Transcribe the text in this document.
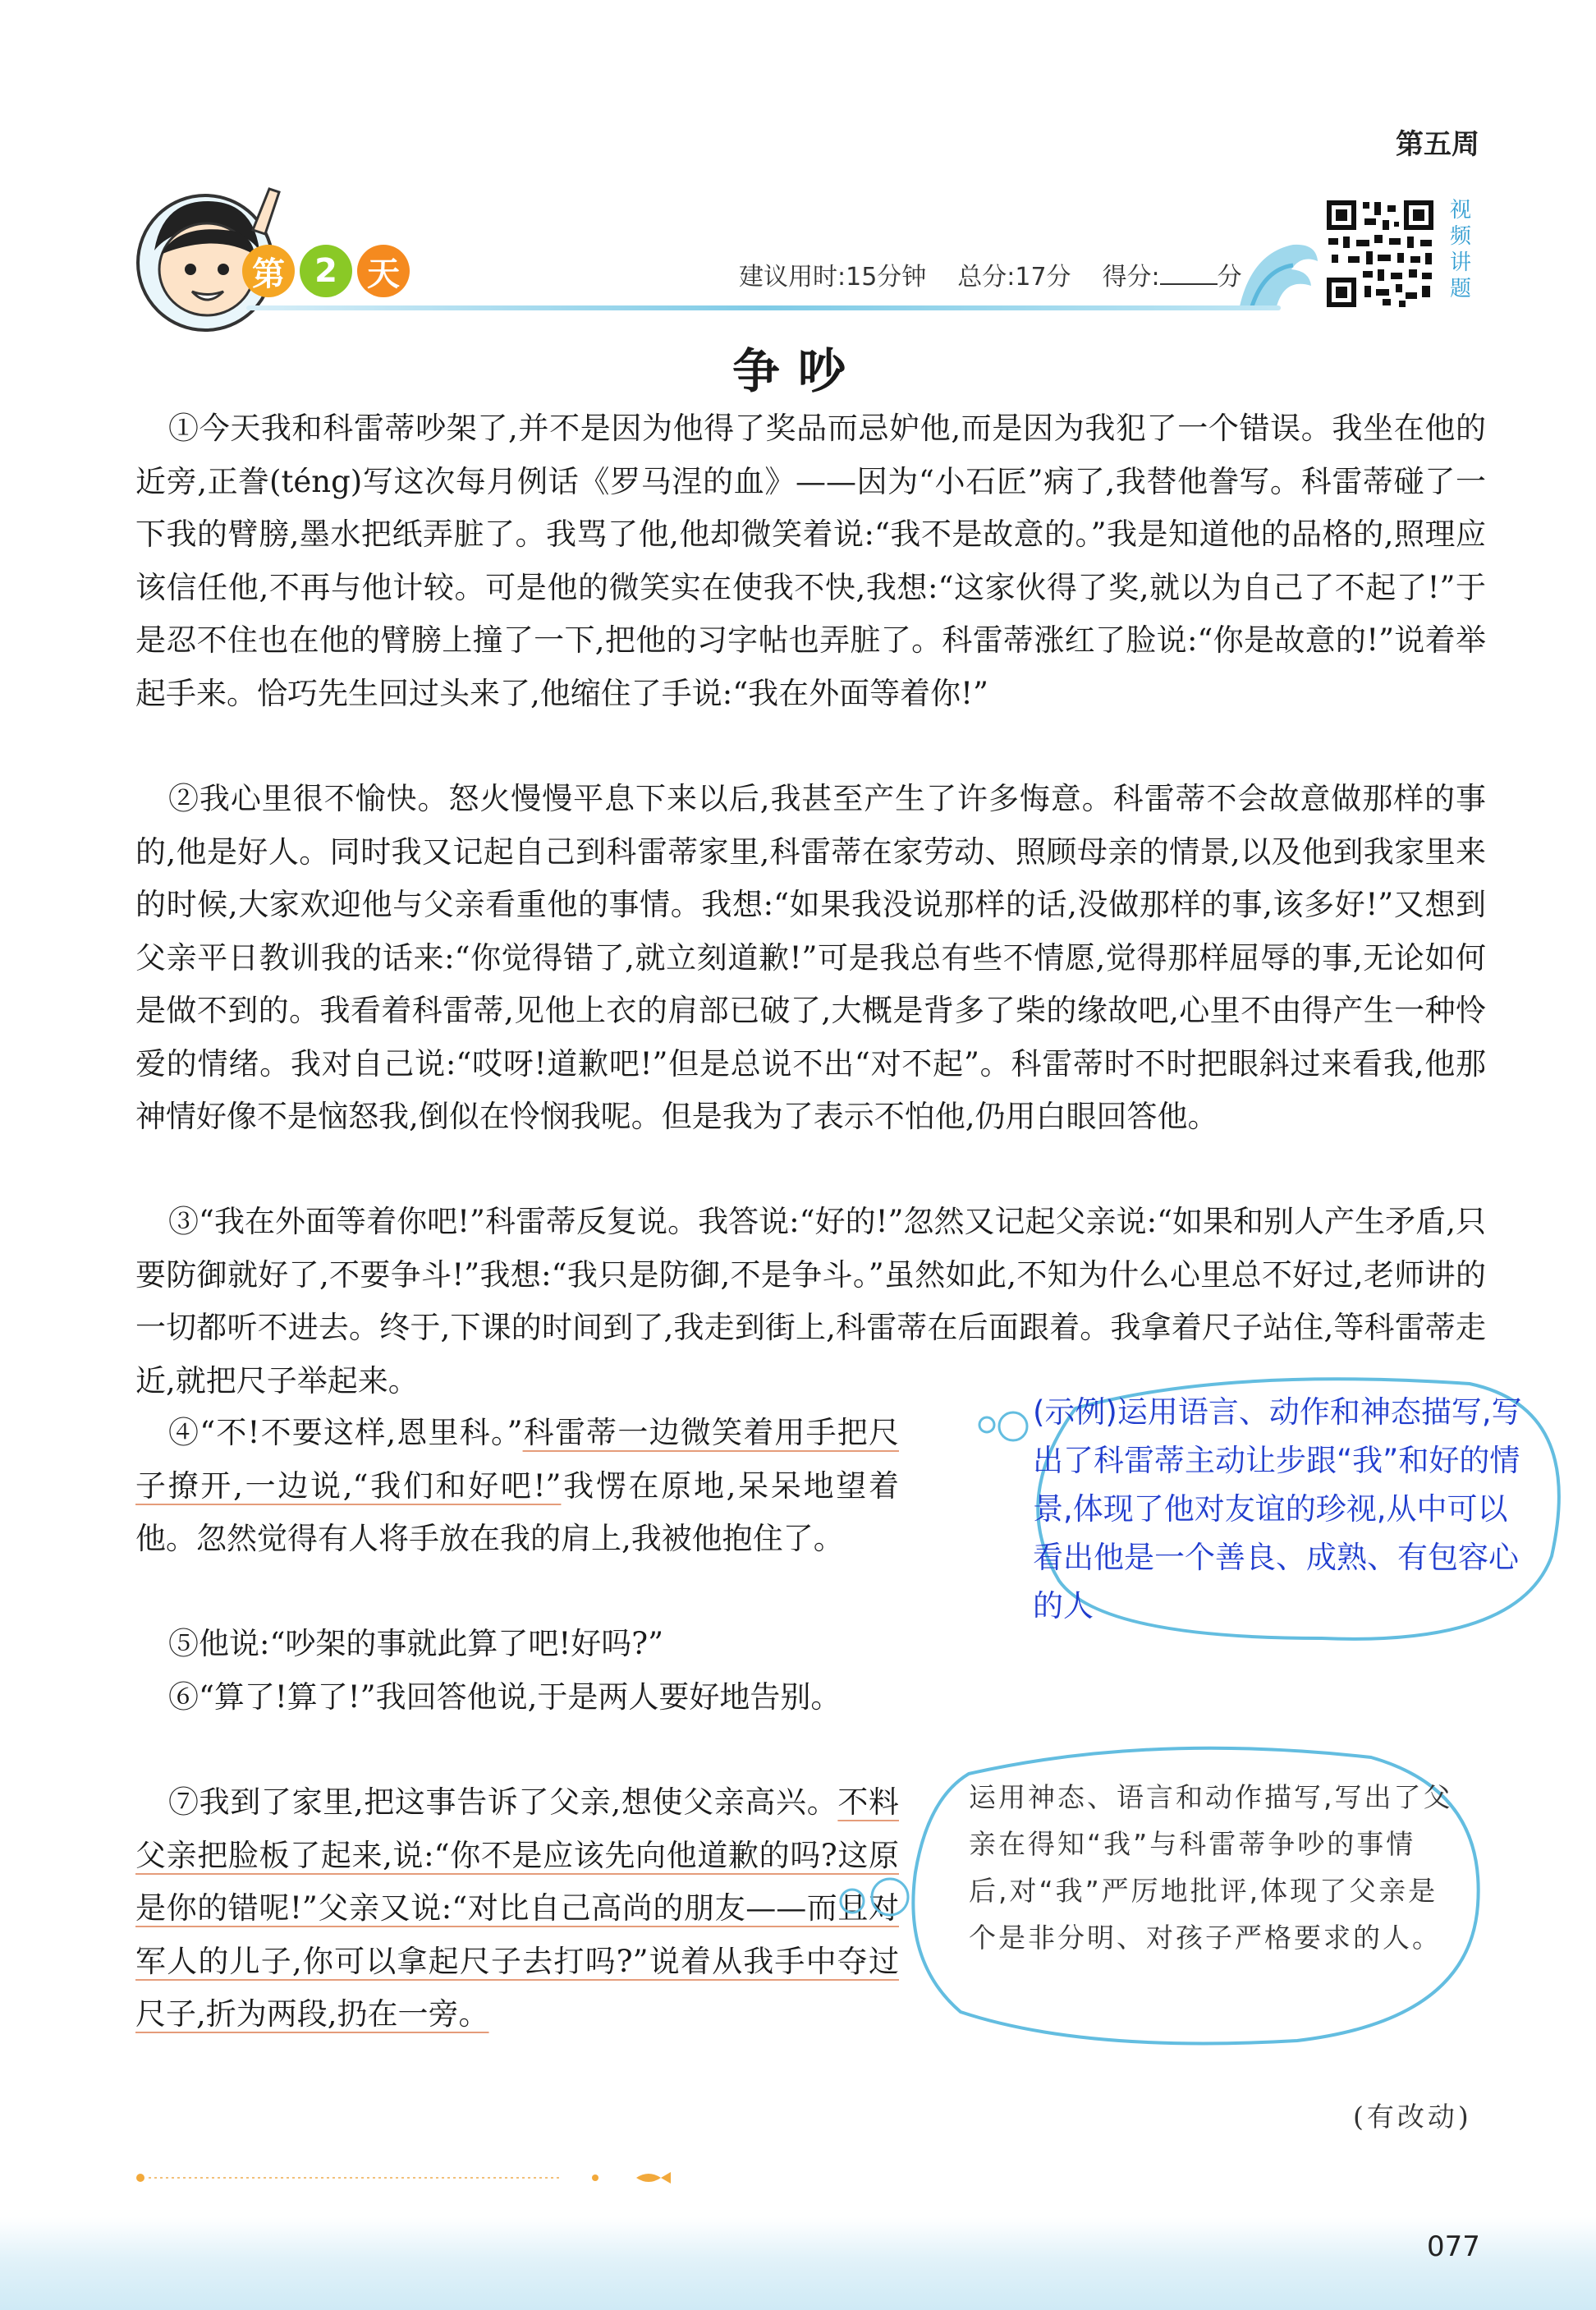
第五周
第 2 天	建议用时:15分钟 总分:17分 得分: 分
视
频
讲
题
争吵

①今天我和科雷蒂吵架了,并不是因为他得了奖品而忌妒他,而是因为我犯了一个错误。我坐在他的近旁,正誊(téng)写这次每月例话《罗马涅的血》——因为“小石匠”病了,我替他誊写。科雷蒂碰了一下我的臂膀,墨水把纸弄脏了。我骂了他,他却微笑着说:“我不是故意的。”我是知道他的品格的,照理应该信任他,不再与他计较。可是他的微笑实在使我不快,我想:“这家伙得了奖,就以为自己了不起了!”于是忍不住也在他的臂膀上撞了一下,把他的习字帖也弄脏了。科雷蒂涨红了脸说:“你是故意的!”说着举起手来。恰巧先生回过头来了,他缩住了手说:“我在外面等着你!”

②我心里很不愉快。怒火慢慢平息下来以后,我甚至产生了许多悔意。科雷蒂不会故意做那样的事的,他是好人。同时我又记起自己到科雷蒂家里,科雷蒂在家劳动、照顾母亲的情景,以及他到我家里来的时候,大家欢迎他与父亲看重他的事情。我想:“如果我没说那样的话,没做那样的事,该多好!”又想到父亲平日教训我的话来:“你觉得错了,就立刻道歉!”可是我总有些不情愿,觉得那样屈辱的事,无论如何是做不到的。我看着科雷蒂,见他上衣的肩部已破了,大概是背多了柴的缘故吧,心里不由得产生一种怜爱的情绪。我对自己说:“哎呀!道歉吧!”但是总说不出“对不起”。科雷蒂时不时把眼斜过来看我,他那神情好像不是恼怒我,倒似在怜悯我呢。但是我为了表示不怕他,仍用白眼回答他。

③“我在外面等着你吧!”科雷蒂反复说。我答说:“好的!”忽然又记起父亲说:“如果和别人产生矛盾,只要防御就好了,不要争斗!”我想:“我只是防御,不是争斗。”虽然如此,不知为什么心里总不好过,老师讲的一切都听不进去。终于,下课的时间到了,我走到街上,科雷蒂在后面跟着。我拿着尺子站住,等科雷蒂走近,就把尺子举起来。

④“不!不要这样,恩里科。”科雷蒂一边微笑着用手把尺子撩开,一边说,“我们和好吧!”我愣在原地,呆呆地望着他。忽然觉得有人将手放在我的肩上,我被他抱住了。

⑤他说:“吵架的事就此算了吧!好吗?”

⑥“算了!算了!”我回答他说,于是两人要好地告别。

⑦我到了家里,把这事告诉了父亲,想使父亲高兴。不料父亲把脸板了起来,说:“你不是应该先向他道歉的吗?这原是你的错呢!”父亲又说:“对比自己高尚的朋友——而且对军人的儿子,你可以拿起尺子去打吗?”说着从我手中夺过尺子,折为两段,扔在一旁。

(示例)运用语言、动作和神态描写,写 出了科雷蒂主动让步跟“我”和好的情景,体现了他对友谊的珍视,从中可以看出他是一个善良、成熟、有包容心的人
运用神态、语言和动作描写,写出了父亲在得知“我”与科雷蒂争吵的事情后,对“我”严厉地批评,体现了父亲是个是非分明、对孩子严格要求的人。
(有改动)
077
